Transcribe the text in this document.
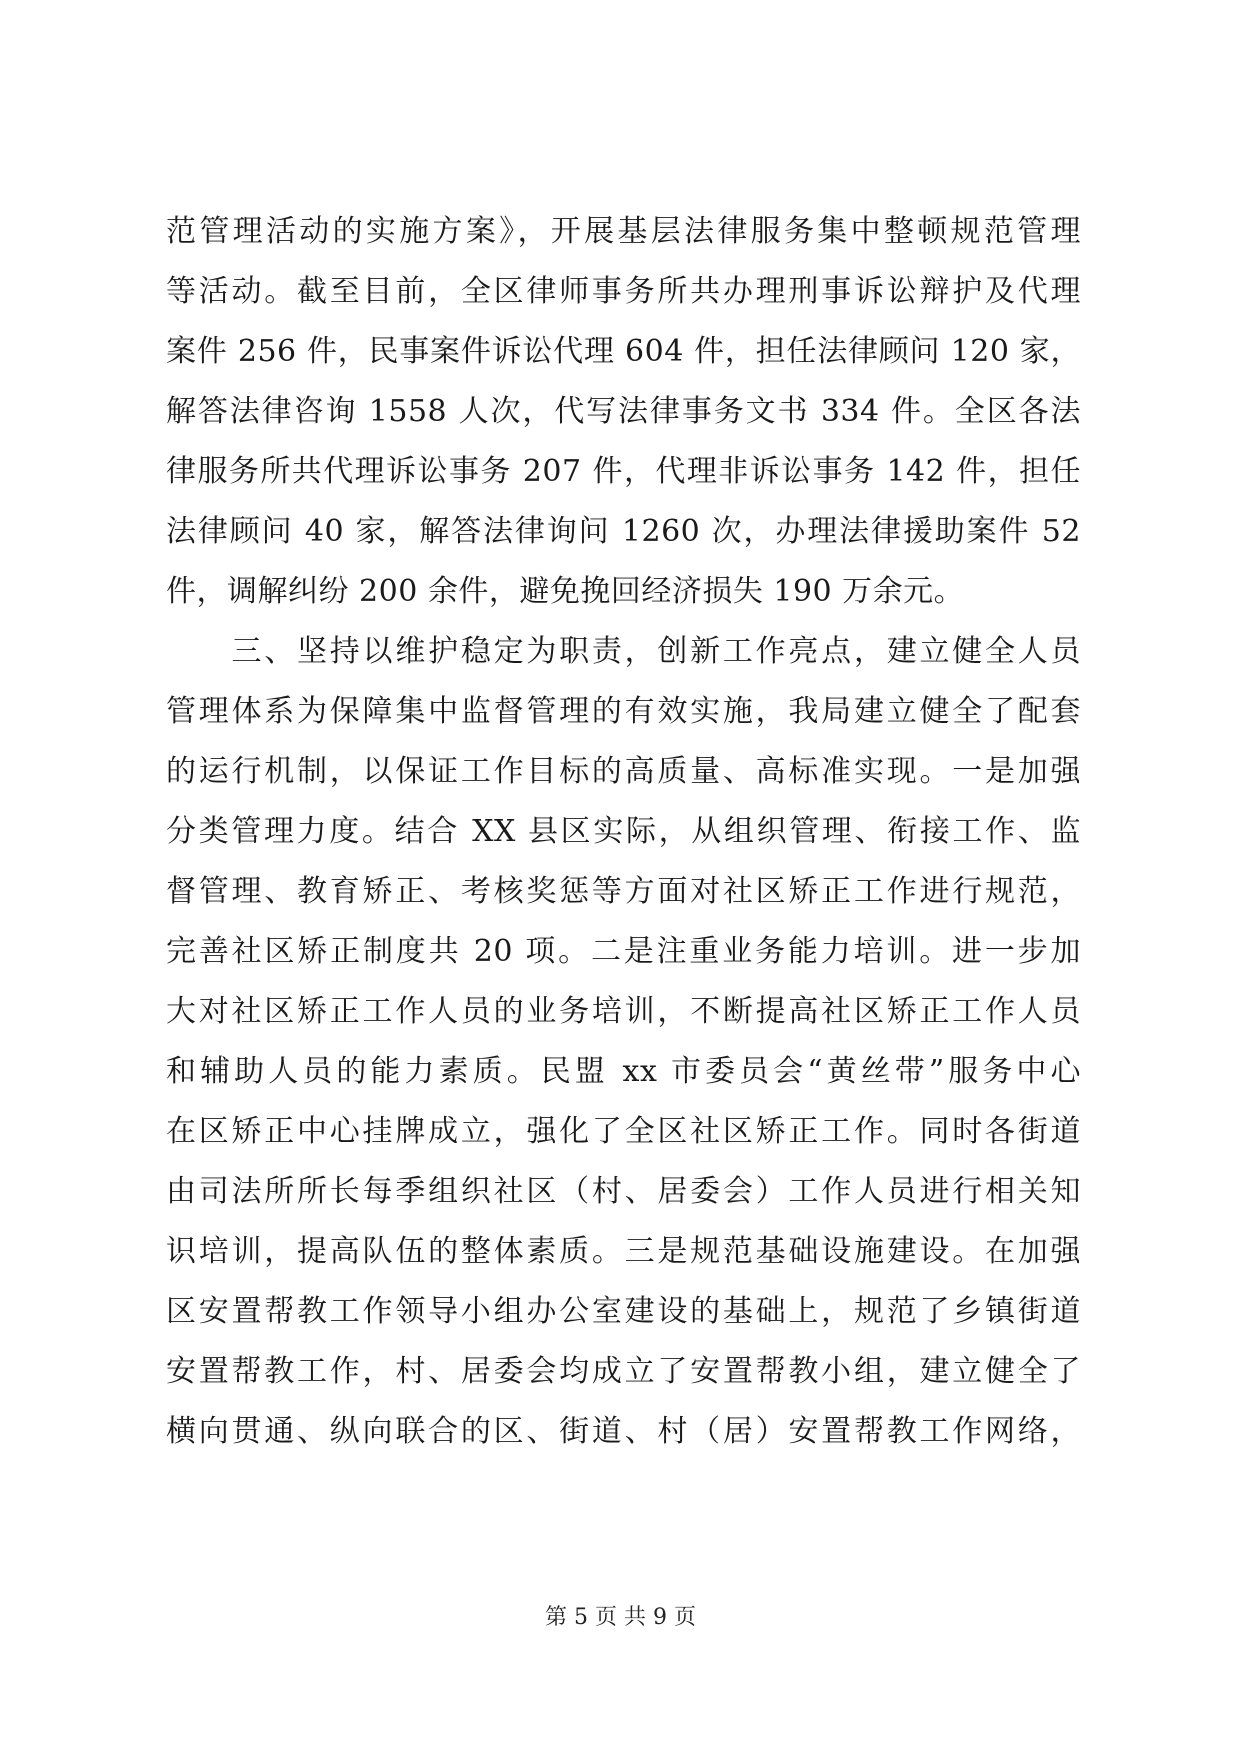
范管理活动的实施方案》，开展基层法律服务集中整顿规范管理
等活动。截至目前，全区律师事务所共办理刑事诉讼辩护及代理
案件 256 件，民事案件诉讼代理 604 件，担任法律顾问 120 家，
解答法律咨询 1558 人次，代写法律事务文书 334 件。全区各法
律服务所共代理诉讼事务 207 件，代理非诉讼事务 142 件，担任
法律顾问 40 家，解答法律询问 1260 次，办理法律援助案件 52
件，调解纠纷 200 余件，避免挽回经济损失 190 万余元。
　　三、坚持以维护稳定为职责，创新工作亮点，建立健全人员
管理体系为保障集中监督管理的有效实施，我局建立健全了配套
的运行机制，以保证工作目标的高质量、高标准实现。一是加强
分类管理力度。结合 XX 县区实际，从组织管理、衔接工作、监
督管理、教育矫正、考核奖惩等方面对社区矫正工作进行规范，
完善社区矫正制度共 20 项。二是注重业务能力培训。进一步加
大对社区矫正工作人员的业务培训，不断提高社区矫正工作人员
和辅助人员的能力素质。民盟 xx 市委员会“黄丝带”服务中心
在区矫正中心挂牌成立，强化了全区社区矫正工作。同时各街道
由司法所所长每季组织社区（村、居委会）工作人员进行相关知
识培训，提高队伍的整体素质。三是规范基础设施建设。在加强
区安置帮教工作领导小组办公室建设的基础上，规范了乡镇街道
安置帮教工作，村、居委会均成立了安置帮教小组，建立健全了
横向贯通、纵向联合的区、街道、村（居）安置帮教工作网络，
第 5 页 共 9 页
